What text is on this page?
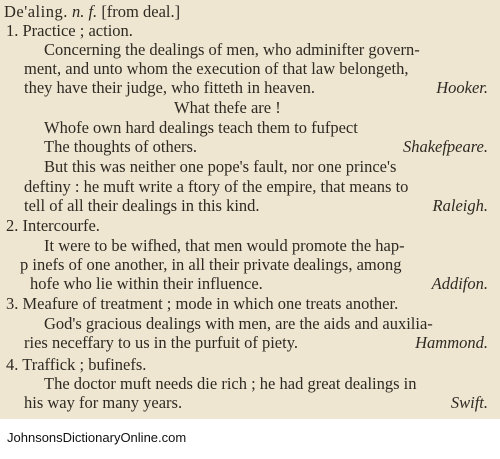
De'aling. n. f. [from deal.]
1. Practice ; action.
Concerning the dealings of men, who adminifter govern-
ment, and unto whom the execution of that law belongeth,
they have their judge, who fitteth in heaven.	Hooker.
What thefe are !
Whofe own hard dealings teach them to fufpect
The thoughts of others.	Shakefpeare.
But this was neither one pope's fault, nor one prince's
deftiny : he muft write a ftory of the empire, that means to
tell of all their dealings in this kind.	Raleigh.
2. Intercourfe.
It were to be wifhed, that men would promote the hap-
p inefs of one another, in all their private dealings, among
hofe who lie within their influence.	Addifon.
3. Meafure of treatment ; mode in which one treats another.
God's gracious dealings with men, are the aids and auxilia-
ries neceffary to us in the purfuit of piety.	Hammond.
4. Traffick ; bufinefs.
The doctor muft needs die rich ; he had great dealings in
his way for many years.	Swift.
JohnsonsDictionaryOnline.com
